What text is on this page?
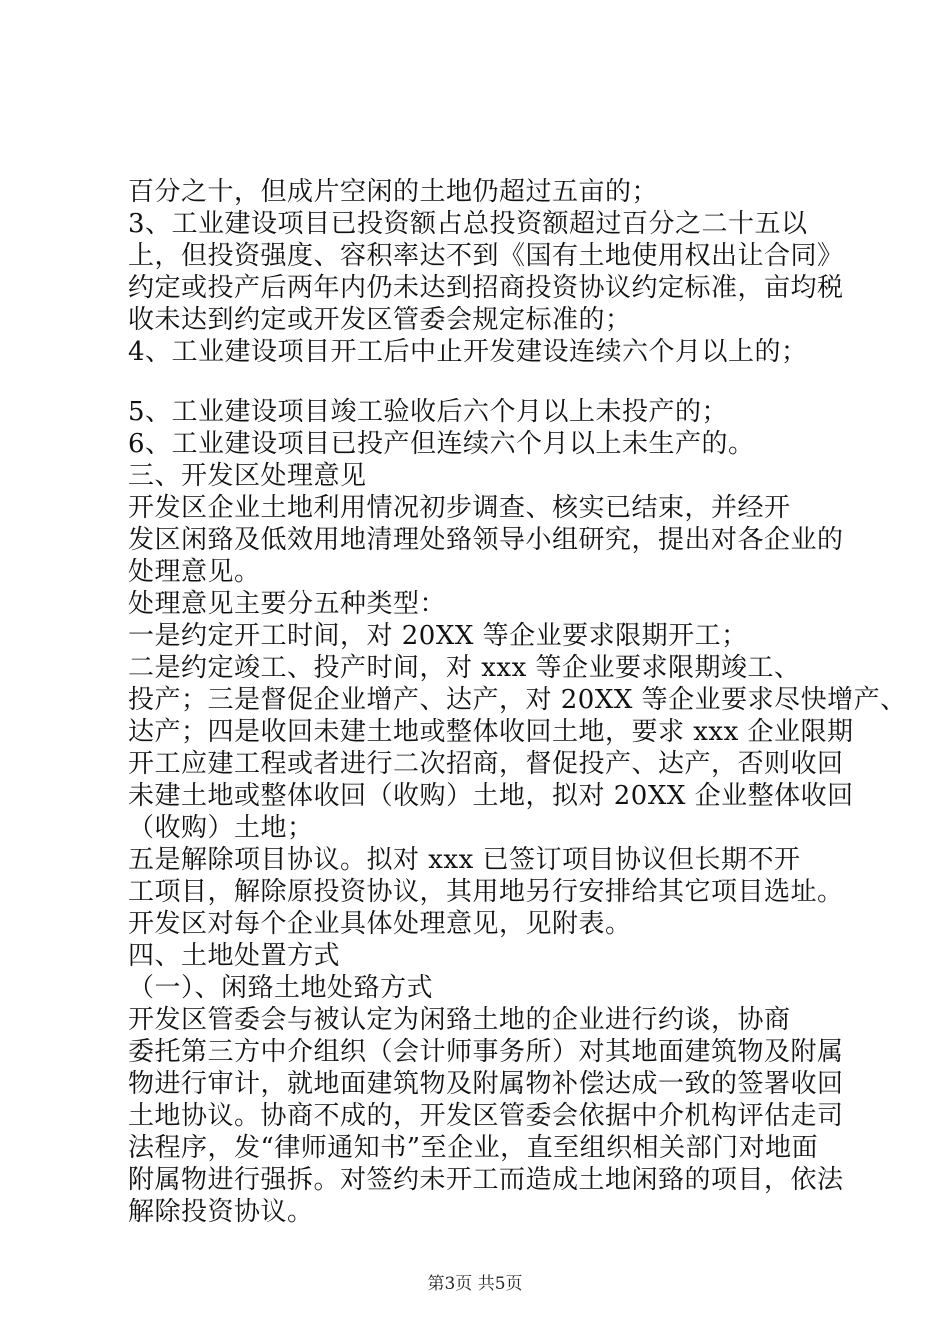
百分之十，但成片空闲的土地仍超过五亩的；
3、工业建设项目已投资额占总投资额超过百分之二十五以
上，但投资强度、容积率达不到《国有土地使用权出让合同》
约定或投产后两年内仍未达到招商投资协议约定标准，亩均税
收未达到约定或开发区管委会规定标准的；
4、工业建设项目开工后中止开发建设连续六个月以上的；
5、工业建设项目竣工验收后六个月以上未投产的；
6、工业建设项目已投产但连续六个月以上未生产的。
三、开发区处理意见
开发区企业土地利用情况初步调查、核实已结束，并经开
发区闲臵及低效用地清理处臵领导小组研究，提出对各企业的
处理意见。
处理意见主要分五种类型：
一是约定开工时间，对 20XX 等企业要求限期开工；
二是约定竣工、投产时间，对 xxx 等企业要求限期竣工、
投产；三是督促企业增产、达产，对 20XX 等企业要求尽快增产、
达产；四是收回未建土地或整体收回土地，要求 xxx 企业限期
开工应建工程或者进行二次招商，督促投产、达产，否则收回
未建土地或整体收回（收购）土地，拟对 20XX 企业整体收回
（收购）土地；
五是解除项目协议。拟对 xxx 已签订项目协议但长期不开
工项目，解除原投资协议，其用地另行安排给其它项目选址。
开发区对每个企业具体处理意见，见附表。
四、土地处置方式
（一）、闲臵土地处臵方式
开发区管委会与被认定为闲臵土地的企业进行约谈，协商
委托第三方中介组织（会计师事务所）对其地面建筑物及附属
物进行审计，就地面建筑物及附属物补偿达成一致的签署收回
土地协议。协商不成的，开发区管委会依据中介机构评估走司
法程序，发“律师通知书”至企业，直至组织相关部门对地面
附属物进行强拆。对签约未开工而造成土地闲臵的项目，依法
解除投资协议。
第3页 共5页
